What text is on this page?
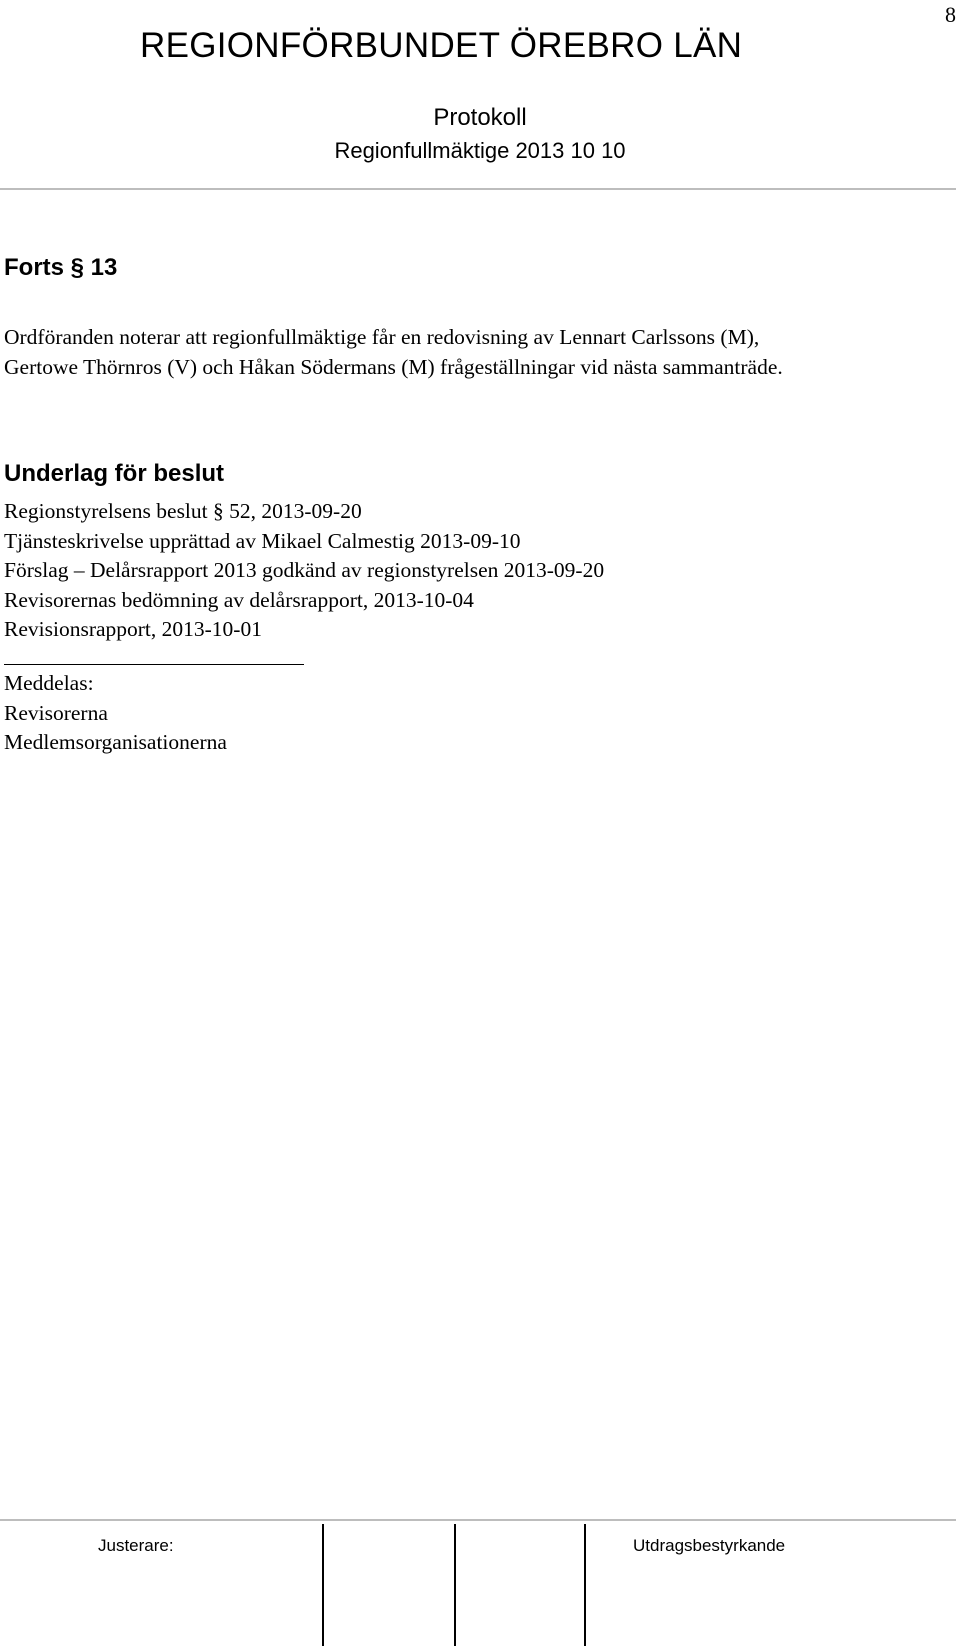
8
REGIONFÖRBUNDET ÖREBRO LÄN
Protokoll
Regionfullmäktige 2013 10 10
Forts § 13
Ordföranden noterar att regionfullmäktige får en redovisning av Lennart Carlssons (M),
Gertowe Thörnros (V) och Håkan Södermans (M) frågeställningar vid nästa sammanträde.
Underlag för beslut
Regionstyrelsens beslut § 52, 2013-09-20
Tjänsteskrivelse upprättad av Mikael Calmestig 2013-09-10
Förslag – Delårsrapport 2013 godkänd av regionstyrelsen 2013-09-20
Revisorernas bedömning av delårsrapport, 2013-10-04
Revisionsrapport, 2013-10-01
Meddelas:
Revisorerna
Medlemsorganisationerna
Justerare:	Utdragsbestyrkande
